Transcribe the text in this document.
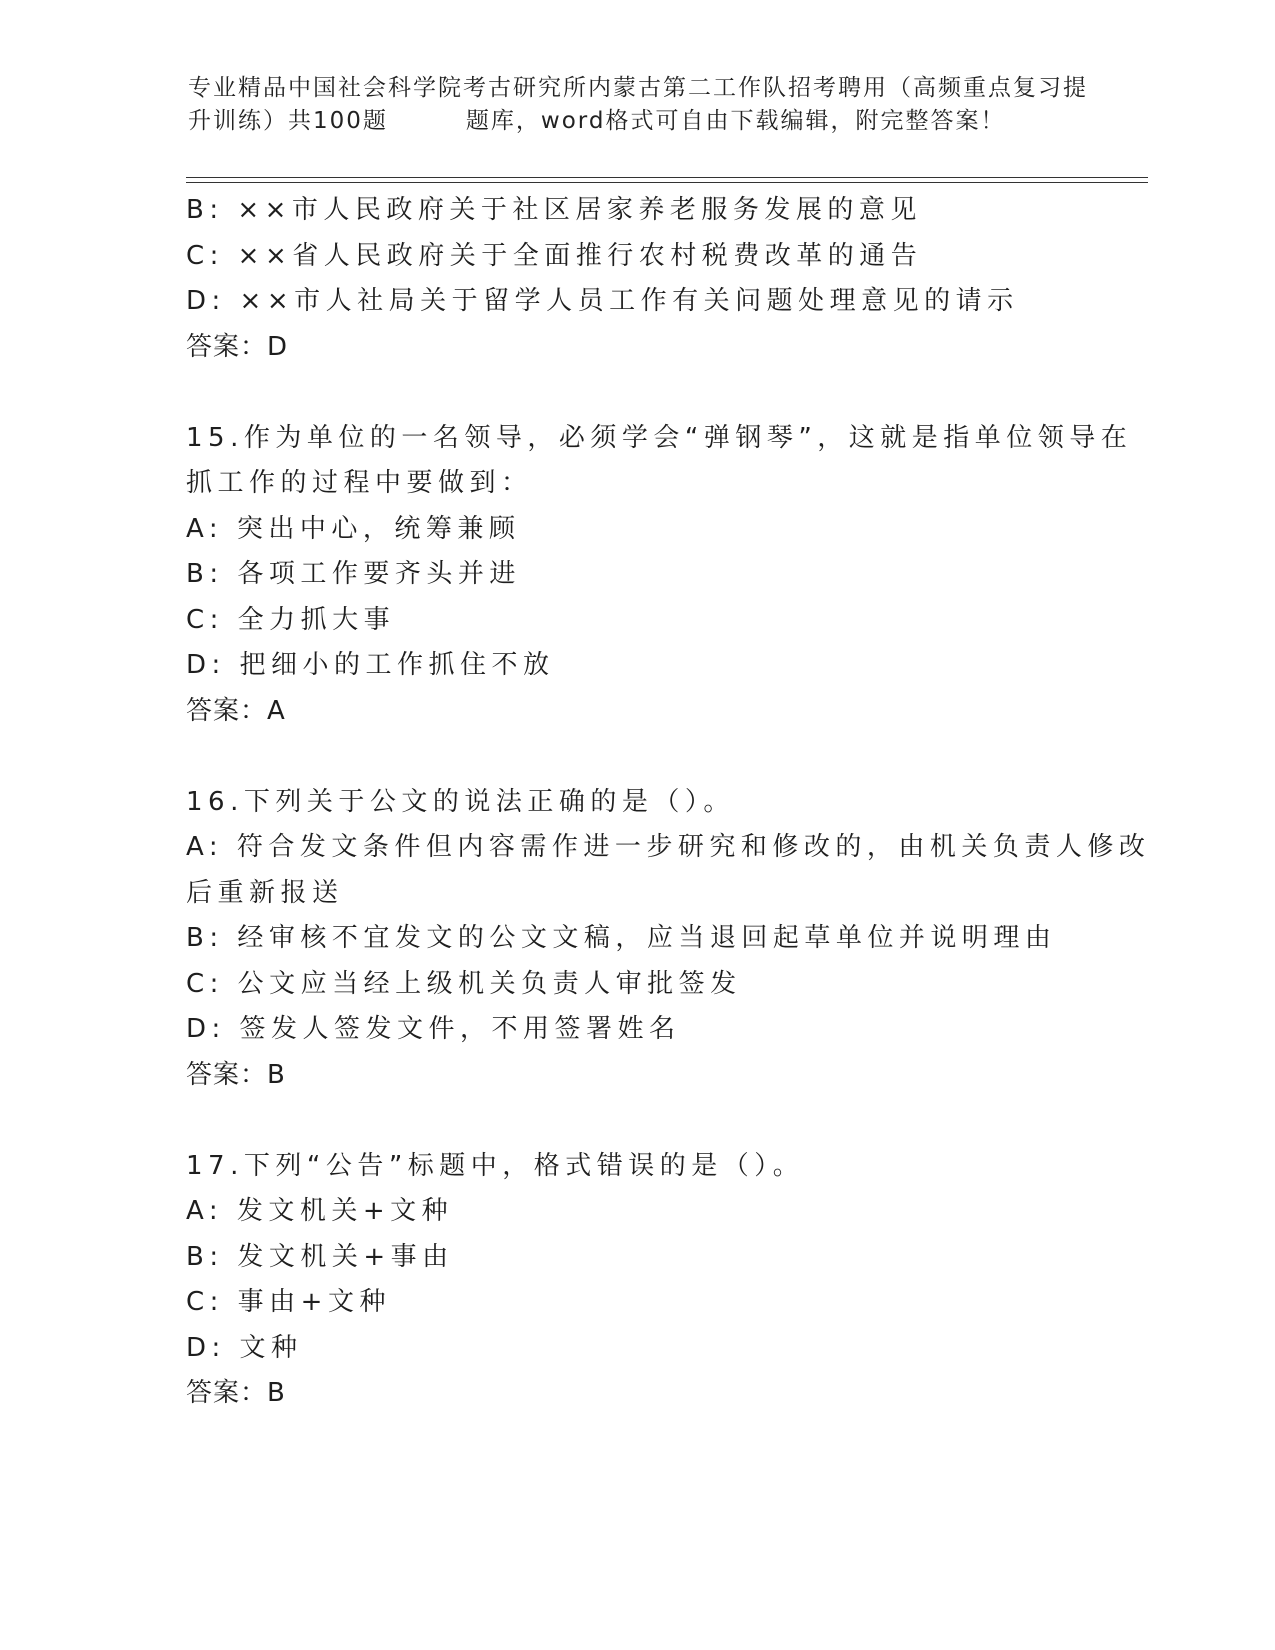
专业精品中国社会科学院考古研究所内蒙古第二工作队招考聘用（高频重点复习提
升训练）共100题	题库，word格式可自由下载编辑，附完整答案！
B: ××市人民政府关于社区居家养老服务发展的意见
C: ××省人民政府关于全面推行农村税费改革的通告
D: ××市人社局关于留学人员工作有关问题处理意见的请示
答案：D
15.作为单位的一名领导，必须学会“弹钢琴”，这就是指单位领导在
抓工作的过程中要做到：
A: 突出中心，统筹兼顾
B: 各项工作要齐头并进
C: 全力抓大事
D: 把细小的工作抓住不放
答案：A
16.下列关于公文的说法正确的是（）。
A: 符合发文条件但内容需作进一步研究和修改的，由机关负责人修改
后重新报送
B: 经审核不宜发文的公文文稿，应当退回起草单位并说明理由
C: 公文应当经上级机关负责人审批签发
D: 签发人签发文件，不用签署姓名
答案：B
17.下列“公告”标题中，格式错误的是（）。
A: 发文机关+文种
B: 发文机关+事由
C: 事由+文种
D: 文种
答案：B
